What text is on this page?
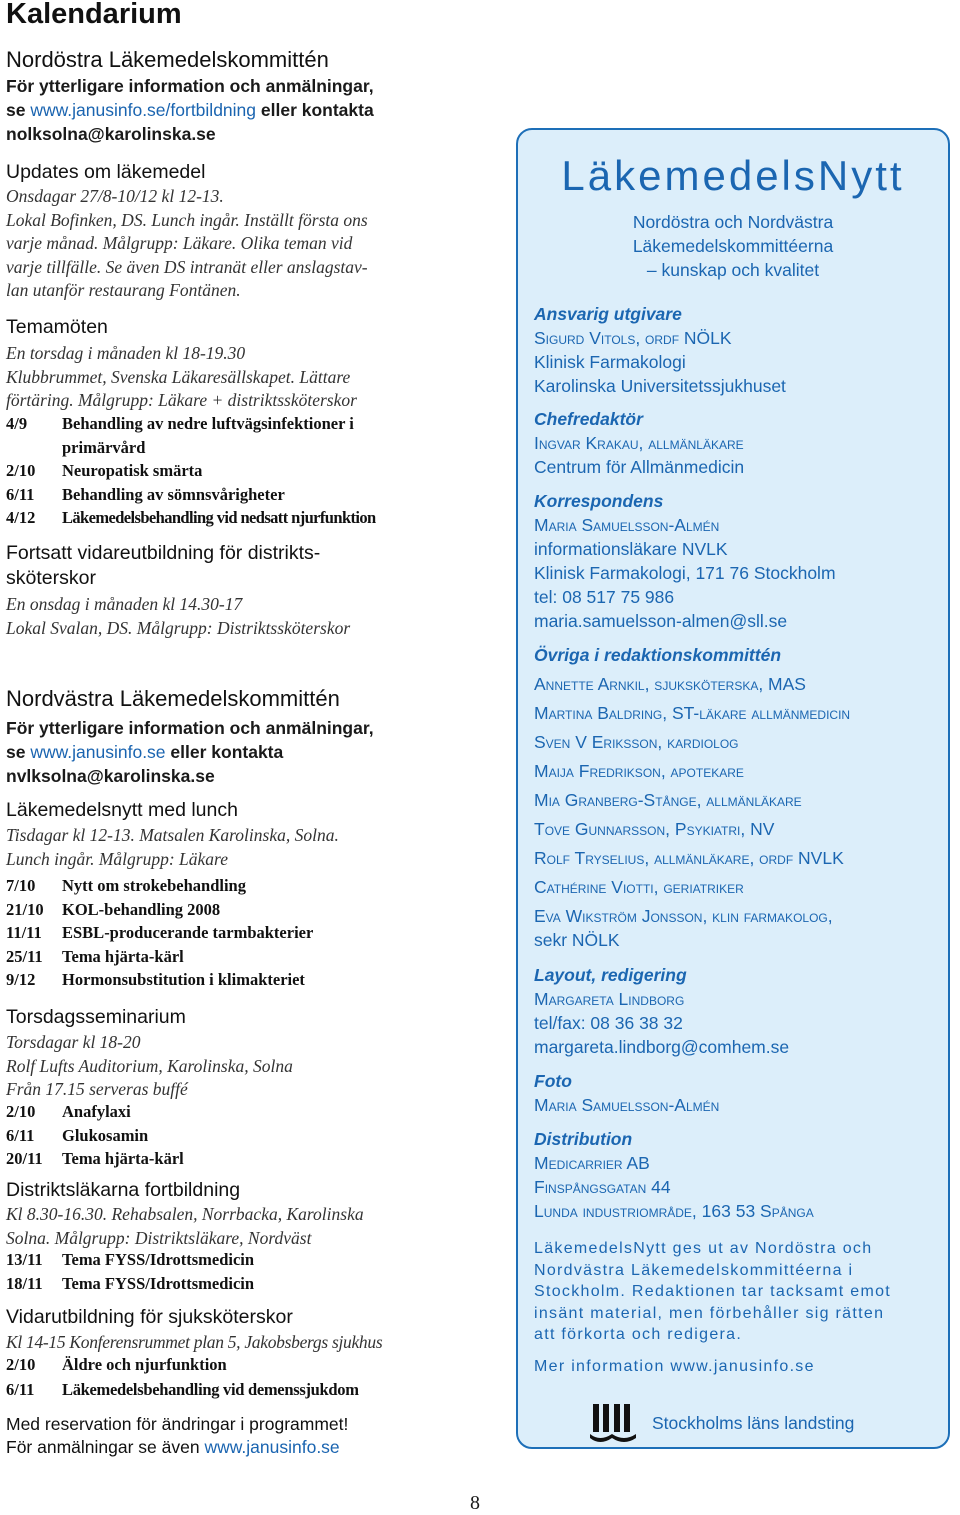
Kalendarium
Nordöstra Läkemedelskommittén
För ytterligare information och anmälningar,
se www.janusinfo.se/fortbildning eller kontakta
nolksolna@karolinska.se
Updates om läkemedel
Onsdagar 27/8-10/12 kl 12-13.
Lokal Bofinken, DS. Lunch ingår. Inställt första ons
varje månad. Målgrupp: Läkare. Olika teman vid
varje tillfälle. Se även DS intranät eller anslagstav-
lan utanför restaurang Fontänen.
Temamöten
En torsdag i månaden kl 18-19.30
Klubbrummet, Svenska Läkaresällskapet. Lättare
förtäring. Målgrupp: Läkare + distriktssköterskor
4/9	Behandling av nedre luftvägsinfektioner i
primärvård
2/10	Neuropatisk smärta
6/11	Behandling av sömnsvårigheter
4/12	Läkemedelsbehandling vid nedsatt njurfunktion
Fortsatt vidareutbildning för distrikts-
sköterskor
En onsdag i månaden kl 14.30-17
Lokal Svalan, DS. Målgrupp: Distriktssköterskor
Nordvästra Läkemedelskommittén
För ytterligare information och anmälningar,
se www.janusinfo.se eller kontakta
nvlksolna@karolinska.se
Läkemedelsnytt med lunch
Tisdagar kl 12-13. Matsalen Karolinska, Solna.
Lunch ingår. Målgrupp: Läkare
7/10	Nytt om strokebehandling
21/10	KOL-behandling 2008
11/11	ESBL-producerande tarmbakterier
25/11	Tema hjärta-kärl
9/12	Hormonsubstitution i klimakteriet
Torsdagsseminarium
Torsdagar kl 18-20
Rolf Lufts Auditorium, Karolinska, Solna
Från 17.15 serveras buffé
2/10	Anafylaxi
6/11	Glukosamin
20/11	Tema hjärta-kärl
Distriktsläkarna fortbildning
Kl 8.30-16.30. Rehabsalen, Norrbacka, Karolinska
Solna. Målgrupp: Distriktsläkare, Nordväst
13/11	Tema FYSS/Idrottsmedicin
18/11	Tema FYSS/Idrottsmedicin
Vidarutbildning för sjuksköterskor
Kl 14-15 Konferensrummet plan 5, Jakobsbergs sjukhus
2/10	Äldre och njurfunktion
6/11	Läkemedelsbehandling vid demenssjukdom
Med reservation för ändringar i programmet!
För anmälningar se även www.janusinfo.se
LäkemedelsNytt
Nordöstra och Nordvästra
Läkemedelskommittéerna
– kunskap och kvalitet
Ansvarig utgivare
Sigurd Vitols, ordf NÖLK
Klinisk Farmakologi
Karolinska Universitetssjukhuset
Chefredaktör
Ingvar Krakau, allmänläkare
Centrum för Allmänmedicin
Korrespondens
Maria Samuelsson-Almén
informationsläkare NVLK
Klinisk Farmakologi, 171 76 Stockholm
tel: 08 517 75 986
maria.samuelsson-almen@sll.se
Övriga i redaktionskommittén
Annette Arnkil, sjuksköterska, MAS
Martina Baldring, ST-läkare allmänmedicin
Sven V Eriksson, kardiolog
Maija Fredrikson, apotekare
Mia Granberg-Stånge, allmänläkare
Tove Gunnarsson, Psykiatri, NV
Rolf Tryselius, allmänläkare, ordf NVLK
Cathérine Viotti, geriatriker
Eva Wikström Jonsson, klin farmakolog,
sekr NÖLK
Layout, redigering
Margareta Lindborg
tel/fax: 08 36 38 32
margareta.lindborg@comhem.se
Foto
Maria Samuelsson-Almén
Distribution
Medicarrier AB
Finspångsgatan 44
Lunda industriområde, 163 53 Spånga
LäkemedelsNytt ges ut av Nordöstra och
Nordvästra Läkemedelskommittéerna i
Stockholm. Redaktionen tar tacksamt emot
insänt material, men förbehåller sig rätten
att förkorta och redigera.
Mer information www.janusinfo.se
Stockholms läns landsting
8
